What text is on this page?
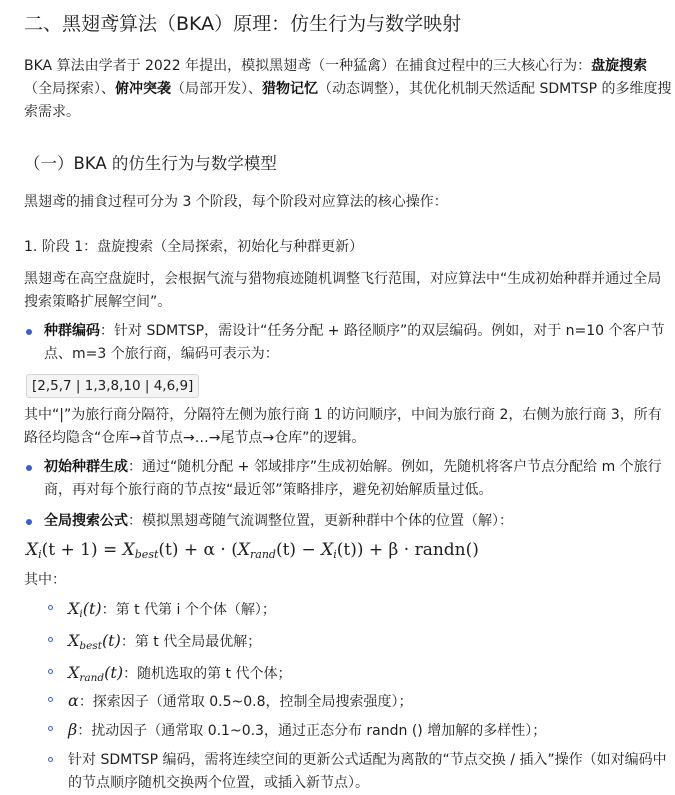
二、黑翅鸢算法（BKA）原理：仿生行为与数学映射
BKA 算法由学者于 2022 年提出，模拟黑翅鸢（一种猛禽）在捕食过程中的三大核心行为：盘旋搜索（全局探索）、俯冲突袭（局部开发）、猎物记忆（动态调整），其优化机制天然适配 SDMTSP 的多维度搜索需求。
（一）BKA 的仿生行为与数学模型
黑翅鸢的捕食过程可分为 3 个阶段，每个阶段对应算法的核心操作：
1. 阶段 1：盘旋搜索（全局探索，初始化与种群更新）
黑翅鸢在高空盘旋时，会根据气流与猎物痕迹随机调整飞行范围，对应算法中“生成初始种群并通过全局搜索策略扩展解空间”。
种群编码：针对 SDMTSP，需设计“任务分配 + 路径顺序”的双层编码。例如，对于 n=10 个客户节点、m=3 个旅行商，编码可表示为：
[2,5,7 | 1,3,8,10 | 4,6,9]
其中“|”为旅行商分隔符，分隔符左侧为旅行商 1 的访问顺序，中间为旅行商 2，右侧为旅行商 3，所有路径均隐含“仓库→首节点→…→尾节点→仓库”的逻辑。
初始种群生成：通过“随机分配 + 邻域排序”生成初始解。例如，先随机将客户节点分配给 m 个旅行商，再对每个旅行商的节点按“最近邻”策略排序，避免初始解质量过低。
全局搜索公式：模拟黑翅鸢随气流调整位置，更新种群中个体的位置（解）：
$X_i(t + 1) = X_{best}(t) + \alpha \cdot (X_{rand}(t) - X_i(t)) + \beta$ · randn()
其中：
$X_i(t)$：第 t 代第 i 个个体（解）；
$X_{best}(t)$：第 t 代全局最优解；
$X_{rand}(t)$：随机选取的第 t 代个体；
α：探索因子（通常取 0.5~0.8，控制全局搜索强度）；
β：扰动因子（通常取 0.1~0.3，通过正态分布 randn () 增加解的多样性）；
针对 SDMTSP 编码，需将连续空间的更新公式适配为离散的“节点交换 / 插入”操作（如对编码中的节点顺序随机交换两个位置，或插入新节点）。
